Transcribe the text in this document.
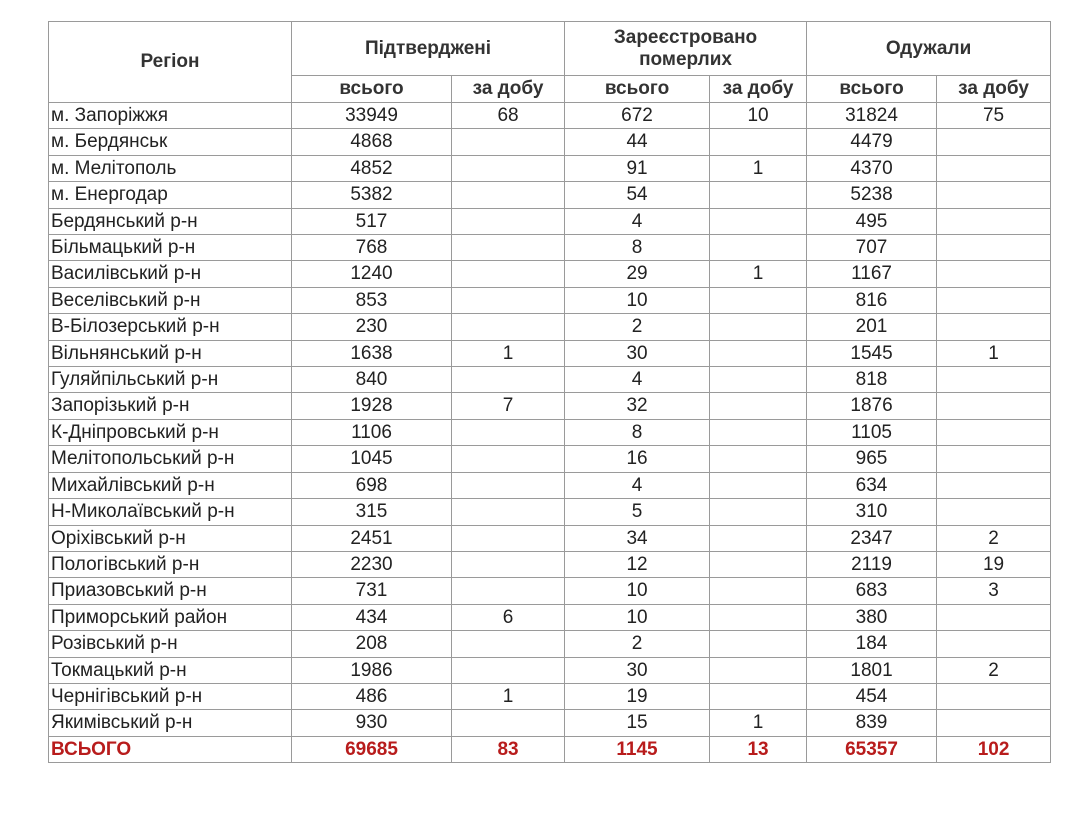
Регіон	Підтверджені		Зареєстровано померлих		Одужали	
	всього	за добу	всього	за добу	всього	за добу
м. Запоріжжя	33949	68	672	10	31824	75
м. Бердянськ	4868		44		4479	
м. Мелітополь	4852		91	1	4370	
м. Енергодар	5382		54		5238	
Бердянський р-н	517		4		495	
Більмацький р-н	768		8		707	
Василівський р-н	1240		29	1	1167	
Веселівський р-н	853		10		816	
В-Білозерський р-н	230		2		201	
Вільнянський р-н	1638	1	30		1545	1
Гуляйпільський р-н	840		4		818	
Запорізький р-н	1928	7	32		1876	
К-Дніпровський р-н	1106		8		1105	
Мелітопольський р-н	1045		16		965	
Михайлівський р-н	698		4		634	
Н-Миколаївський р-н	315		5		310	
Оріхівський р-н	2451		34		2347	2
Пологівський р-н	2230		12		2119	19
Приазовський р-н	731		10		683	3
Приморський район	434	6	10		380	
Розівський р-н	208		2		184	
Токмацький р-н	1986		30		1801	2
Чернігівський р-н	486	1	19		454	
Якимівський р-н	930		15	1	839	
ВСЬОГО	69685	83	1145	13	65357	102
